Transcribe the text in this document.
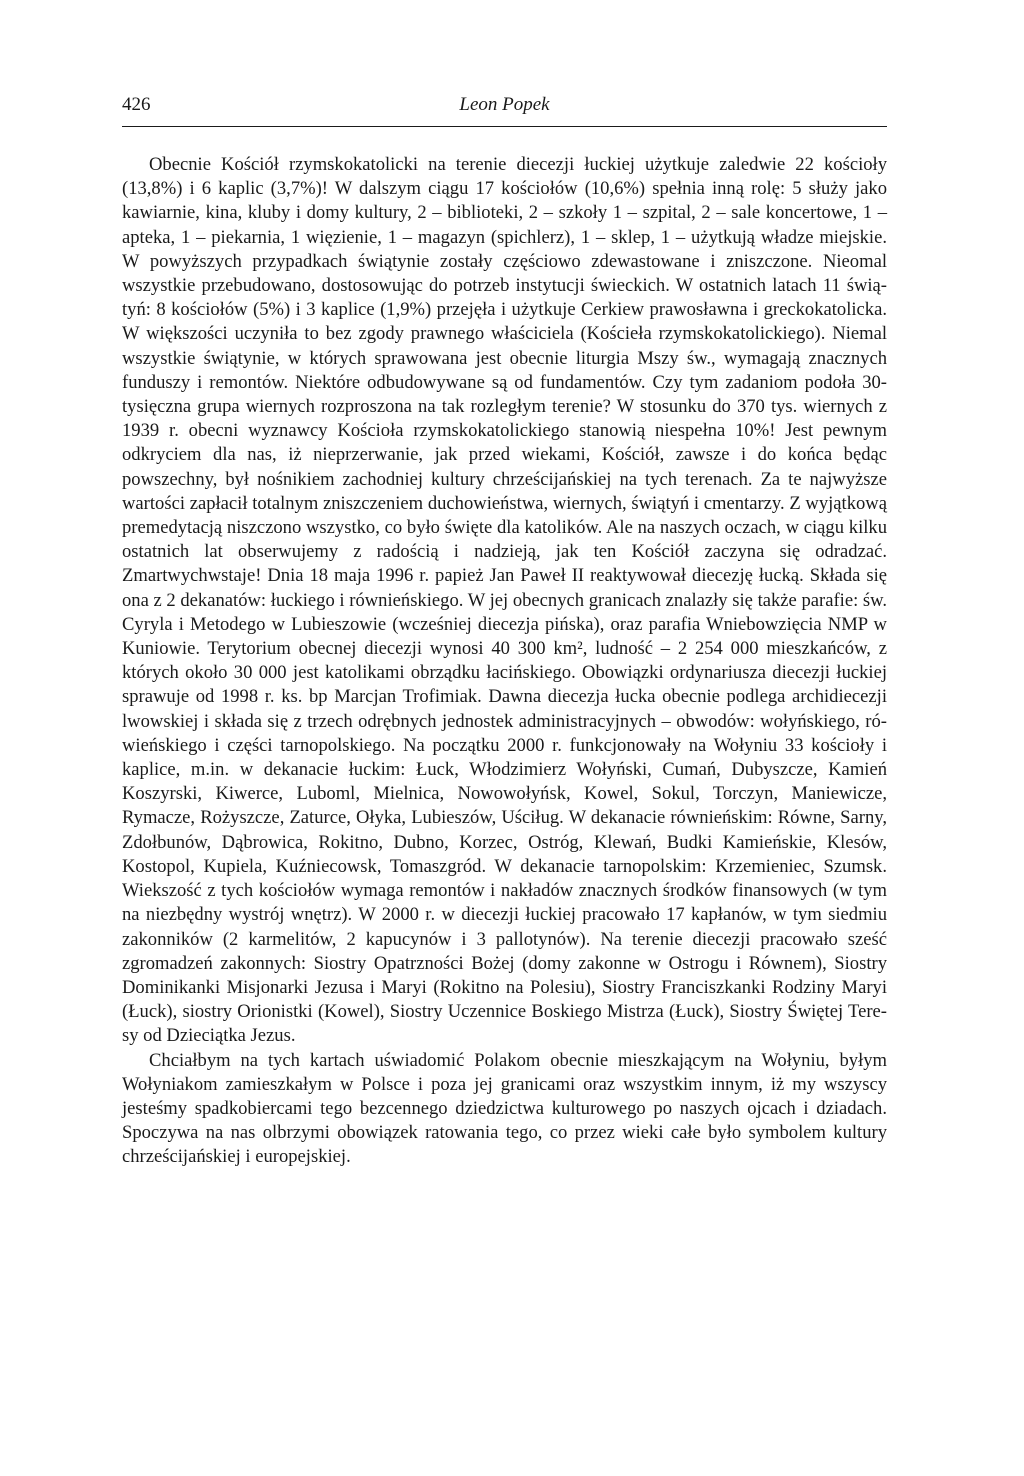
426	Leon Popek

Obecnie Kościół rzymskokatolicki na terenie diecezji łuckiej użytkuje zaledwie 22 kościoły (13,8%) i 6 kaplic (3,7%)! W dalszym ciągu 17 kościołów (10,6%) spełnia inną rolę: 5 służy jako kawiarnie, kina, kluby i domy kultury, 2 – biblioteki, 2 – szkoły 1 – szpital, 2 – sale koncertowe, 1 – apteka, 1 – piekarnia, 1 więzienie, 1 – magazyn (spichlerz), 1 – sklep, 1 – użytkują władze miejskie. W powyższych przypadkach świątynie zostały częściowo zdewastowane i zniszczone. Nieomal wszystkie przebudowano, dostosowując do potrzeb instytucji świeckich. W ostatnich latach 11 świątyń: 8 kościołów (5%) i 3 kaplice (1,9%) przejęła i użytkuje Cerkiew prawosławna i greckokatolicka. W większości uczyniła to bez zgody prawnego właściciela (Kościeła rzymskokatolickiego). Niemal wszystkie świątynie, w których sprawowana jest obecnie liturgia Mszy św., wymagają znacznych funduszy i remontów. Niektóre odbudowywane są od fundamentów. Czy tym zadaniom podoła 30-tysięczna grupa wiernych rozproszona na tak rozległym terenie? W stosunku do 370 tys. wiernych z 1939 r. obecni wyznawcy Kościoła rzymskokatolickiego stanowią niespełna 10%! Jest pewnym odkryciem dla nas, iż nieprzerwanie, jak przed wiekami, Kościół, zawsze i do końca będąc powszechny, był nośnikiem zachodniej kultury chrześcijańskiej na tych terenach. Za te najwyższe wartości zapłacił totalnym zniszczeniem duchowieństwa, wiernych, świątyń i cmentarzy. Z wyjątkową premedytacją niszczono wszystko, co było święte dla katolików. Ale na naszych oczach, w ciągu kilku ostatnich lat obserwujemy z radością i nadzieją, jak ten Kościół zaczyna się odradzać. Zmartwychwstaje! Dnia 18 maja 1996 r. papież Jan Paweł II reaktywował diecezję łucką. Składa się ona z 2 dekanatów: łuckiego i równieńskiego. W jej obecnych granicach znalazły się także parafie: św. Cyryla i Metodego w Lubieszowie (wcześniej diecezja pińska), oraz parafia Wniebowzięcia NMP w Kuniowie. Terytorium obecnej diecezji wynosi 40 300 km², ludność – 2 254 000 mieszkańców, z których około 30 000 jest katolikami obrządku łacińskiego. Obowiązki ordynariusza diecezji łuckiej sprawuje od 1998 r. ks. bp Marcjan Trofimiak. Dawna diecezja łucka obecnie podlega archidiecezji lwowskiej i składa się z trzech odrębnych jednostek administracyjnych – obwodów: wołyńskiego, rówieńskiego i części tarnopolskiego. Na początku 2000 r. funkcjonowały na Wołyniu 33 kościoły i kaplice, m.in. w dekanacie łuckim: Łuck, Włodzimierz Wołyński, Cumań, Dubyszcze, Kamień Koszyrski, Kiwerce, Luboml, Mielnica, Nowowołyńsk, Kowel, Sokul, Torczyn, Maniewicze, Rymacze, Rożyszcze, Zaturce, Ołyka, Lubieszów, Uściług. W dekanacie równieńskim: Równe, Sarny, Zdołbunów, Dąbrowica, Rokitno, Dubno, Korzec, Ostróg, Klewań, Budki Kamieńskie, Klesów, Kostopol, Kupiela, Kuźniecowsk, Tomaszgród. W dekanacie tarnopolskim: Krzemieniec, Szumsk. Wiekszość z tych kościołów wymaga remontów i nakładów znacznych środków finansowych (w tym na niezbędny wystrój wnętrz). W 2000 r. w diecezji łuckiej pracowało 17 kapłanów, w tym siedmiu zakonników (2 karmelitów, 2 kapucynów i 3 pallotynów). Na terenie diecezji pracowało sześć zgromadzeń zakonnych: Siostry Opatrzności Bożej (domy zakonne w Ostrogu i Równem), Siostry Dominikanki Misjonarki Jezusa i Maryi (Rokitno na Polesiu), Siostry Franciszkanki Rodziny Maryi (Łuck), siostry Orionistki (Kowel), Siostry Uczennice Boskiego Mistrza (Łuck), Siostry Świętej Teresy od Dzieciątka Jezus.

Chciałbym na tych kartach uświadomić Polakom obecnie mieszkającym na Wołyniu, byłym Wołyniakom zamieszkałym w Polsce i poza jej granicami oraz wszystkim innym, iż my wszyscy jesteśmy spadkobiercami tego bezcennego dziedzictwa kulturowego po naszych ojcach i dziadach. Spoczywa na nas olbrzymi obowiązek ratowania tego, co przez wieki całe było symbolem kultury chrześcijańskiej i europejskiej.
